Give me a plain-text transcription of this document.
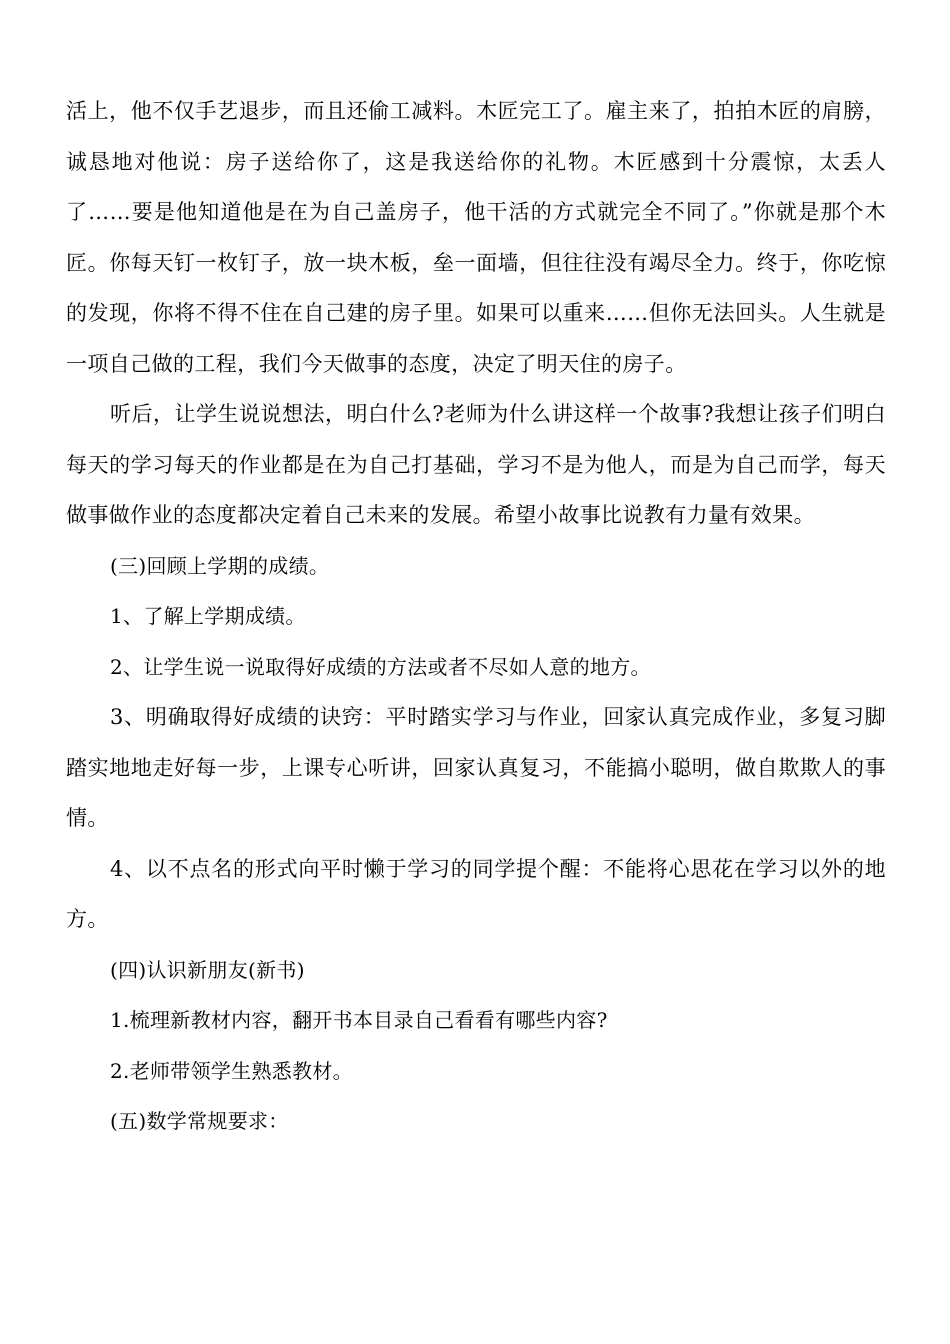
活上，他不仅手艺退步，而且还偷工减料。木匠完工了。雇主来了，拍拍木匠的肩膀，诚恳地对他说：房子送给你了，这是我送给你的礼物。木匠感到十分震惊，太丢人了……要是他知道他是在为自己盖房子，他干活的方式就完全不同了。”你就是那个木匠。你每天钉一枚钉子，放一块木板，垒一面墙，但往往没有竭尽全力。终于，你吃惊的发现，你将不得不住在自己建的房子里。如果可以重来……但你无法回头。人生就是一项自己做的工程，我们今天做事的态度，决定了明天住的房子。

听后，让学生说说想法，明白什么?老师为什么讲这样一个故事?我想让孩子们明白每天的学习每天的作业都是在为自己打基础，学习不是为他人，而是为自己而学，每天做事做作业的态度都决定着自己未来的发展。希望小故事比说教有力量有效果。

(三)回顾上学期的成绩。

1、了解上学期成绩。

2、让学生说一说取得好成绩的方法或者不尽如人意的地方。

3、明确取得好成绩的诀窍：平时踏实学习与作业，回家认真完成作业，多复习脚踏实地地走好每一步，上课专心听讲，回家认真复习，不能搞小聪明，做自欺欺人的事情。

4、以不点名的形式向平时懒于学习的同学提个醒：不能将心思花在学习以外的地方。

(四)认识新朋友(新书)

1.梳理新教材内容，翻开书本目录自己看看有哪些内容?

2.老师带领学生熟悉教材。

(五)数学常规要求：
